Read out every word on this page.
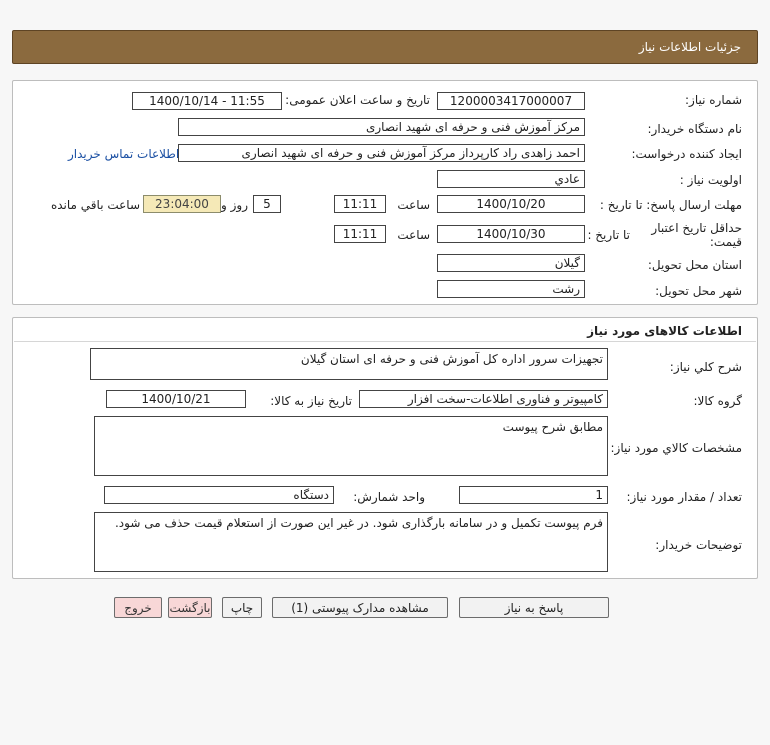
جزئیات اطلاعات نیاز
شماره نیاز:
1200003417000007
تاریخ و ساعت اعلان عمومی:
1400/10/14 - 11:55
نام دستگاه خریدار:
مرکز آموزش فنی و حرفه ای شهید انصاری
ایجاد کننده درخواست:
احمد زاهدی راد کارپرداز مرکز آموزش فنی و حرفه ای شهید انصاری
اطلاعات تماس خریدار
اولویت نیاز :
عادي
مهلت ارسال پاسخ: تا تاریخ :
1400/10/20
ساعت
11:11
5
روز و
23:04:00
ساعت باقي مانده
حداقل تاریخ اعتبار
قیمت:
تا تاریخ :
1400/10/30
ساعت
11:11
استان محل تحویل:
گیلان
شهر محل تحویل:
رشت
اطلاعات کالاهای مورد نیاز
شرح کلي نياز:
تجهیزات سرور اداره کل آموزش فنی و حرفه ای استان گیلان
گروه کالا:
کامپیوتر و فناوری اطلاعات-سخت افزار
تاریخ نیاز به کالا:
1400/10/21
مشخصات كالاي مورد نياز:
مطابق شرح پیوست
تعداد / مقدار مورد نیاز:
1
واحد شمارش:
دستگاه
توضیحات خریدار:
فرم پیوست تکمیل و در سامانه بارگذاری شود. در غیر این صورت از استعلام قیمت حذف می شود.
پاسخ به نیاز
مشاهده مدارک پیوستی (1)
چاپ
بازگشت
خروج
